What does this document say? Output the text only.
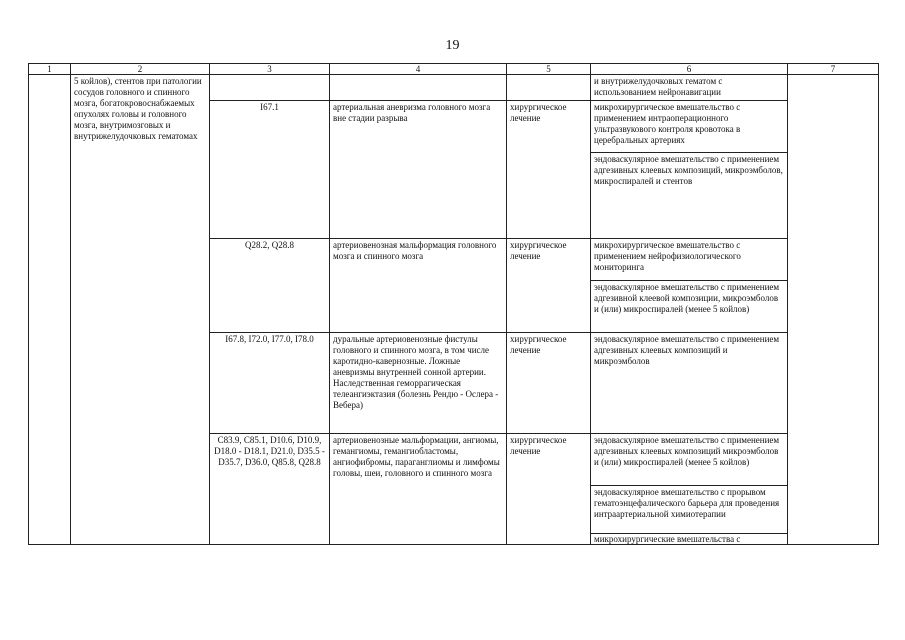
19
1	2	3	4	5	6	7
	5 койлов), стентов при патологии сосудов головного и спинного мозга, богатокровоснабжаемых опухолях головы и головного мозга, внутримозговых и внутрижелудочковых гематомах				и внутрижелудочковых гематом с использованием нейронавигации	
		I67.1	артериальная аневризма головного мозга вне стадии разрыва	хирургическое лечение	микрохирургическое вмешательство с применением интраоперационного ультразвукового контроля кровотока в церебральных артериях	
					эндоваскулярное вмешательство с применением адгезивных клеевых композиций, микроэмболов, микроспиралей и стентов	
		Q28.2, Q28.8	артериовенозная мальформация головного мозга и спинного мозга	хирургическое лечение	микрохирургическое вмешательство с применением нейрофизиологического мониторинга	
					эндоваскулярное вмешательство с применением адгезивной клеевой композиции, микроэмболов и (или) микроспиралей (менее 5 койлов)	
		I67.8, I72.0, I77.0, I78.0	дуральные артериовенозные фистулы головного и спинного мозга, в том числе каротидно-кавернозные. Ложные аневризмы внутренней сонной артерии. Наследственная геморрагическая телеангиэктазия (болезнь Рендю - Ослера - Вебера)	хирургическое лечение	эндоваскулярное вмешательство с применением адгезивных клеевых композиций и микроэмболов	
		C83.9, C85.1, D10.6, D10.9, D18.0 - D18.1, D21.0, D35.5 - D35.7, D36.0, Q85.8, Q28.8	артериовенозные мальформации, ангиомы, гемангиомы, гемангиобластомы, ангиофибромы, параганглиомы и лимфомы головы, шеи, головного и спинного мозга	хирургическое лечение	эндоваскулярное вмешательство с применением адгезивных клеевых композиций микроэмболов и (или) микроспиралей (менее 5 койлов)	
					эндоваскулярное вмешательство с прорывом гематоэнцефалического барьера для проведения интраартериальной химиотерапии	
					микрохирургические вмешательства с	
